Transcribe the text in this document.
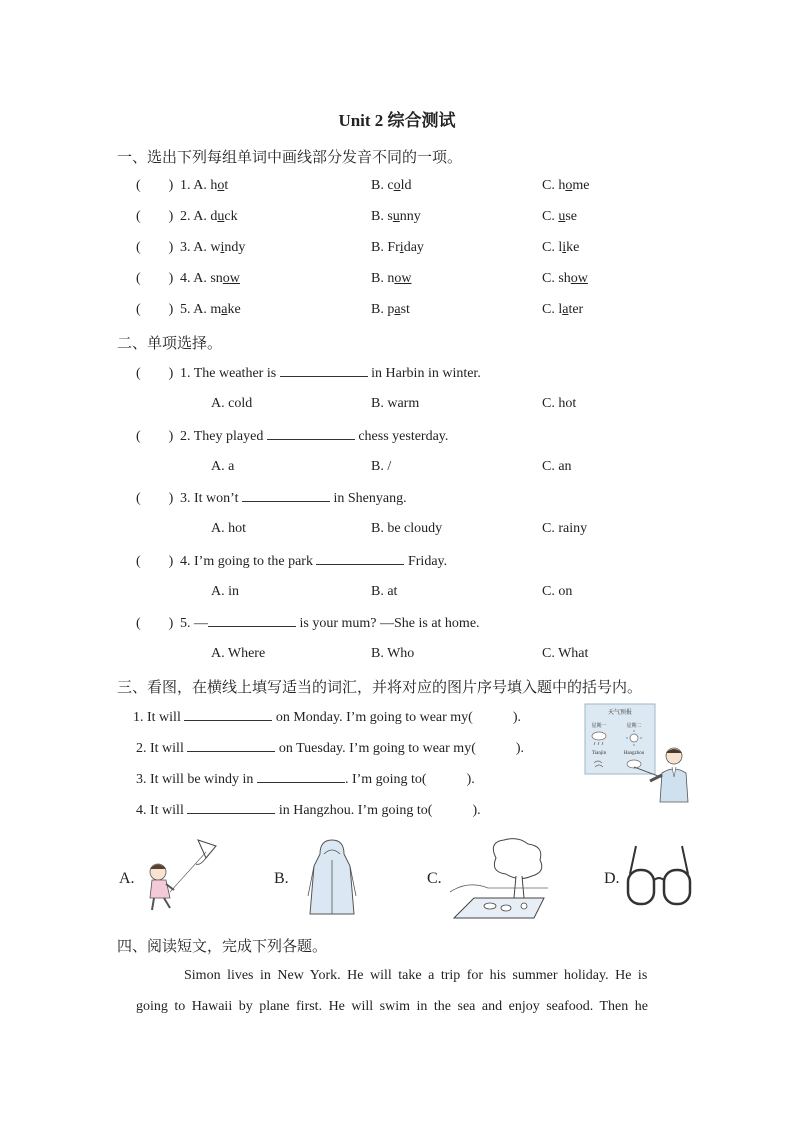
Unit 2 综合测试
一、选出下列每组单词中画线部分发音不同的一项。
(        ) 1. A. hot	B. cold	C. home
(        ) 2. A. duck	B. sunny	C. use
(        ) 3. A. windy	B. Friday	C. like
(        ) 4. A. snow	B. now	C. show
(        ) 5. A. make	B. past	C. later
二、单项选择。
(        ) 1. The weather is	in Harbin in winter.
A. cold	B. warm	C. hot
(        ) 2. They played	chess yesterday.
A. a	B. /	C. an
(        ) 3. It won’t	in Shenyang.
A. hot	B. be cloudy	C. rainy
(        ) 4. I’m going to the park	Friday.
A. in	B. at	C. on
(        ) 5. —	is your mum? —She is at home.
A. Where	B. Who	C. What
三、看图，在横线上填写适当的词汇，并将对应的图片序号填入题中的括号内。
1. It will	on Monday. I’m going to wear my(	).
2. It will	on Tuesday. I’m going to wear my(	).
3. It will be windy in	. I’m going to(	).
4. It will	in Hangzhou. I’m going to(	).
天气预报
星期一	星期二
Tianjin	Hangzhou
A.	B.	C.	D.
四、阅读短文，完成下列各题。
Simon lives in New York. He will take a trip for his summer holiday. He is
going to Hawaii by plane first. He will swim in the sea and enjoy seafood. Then he
